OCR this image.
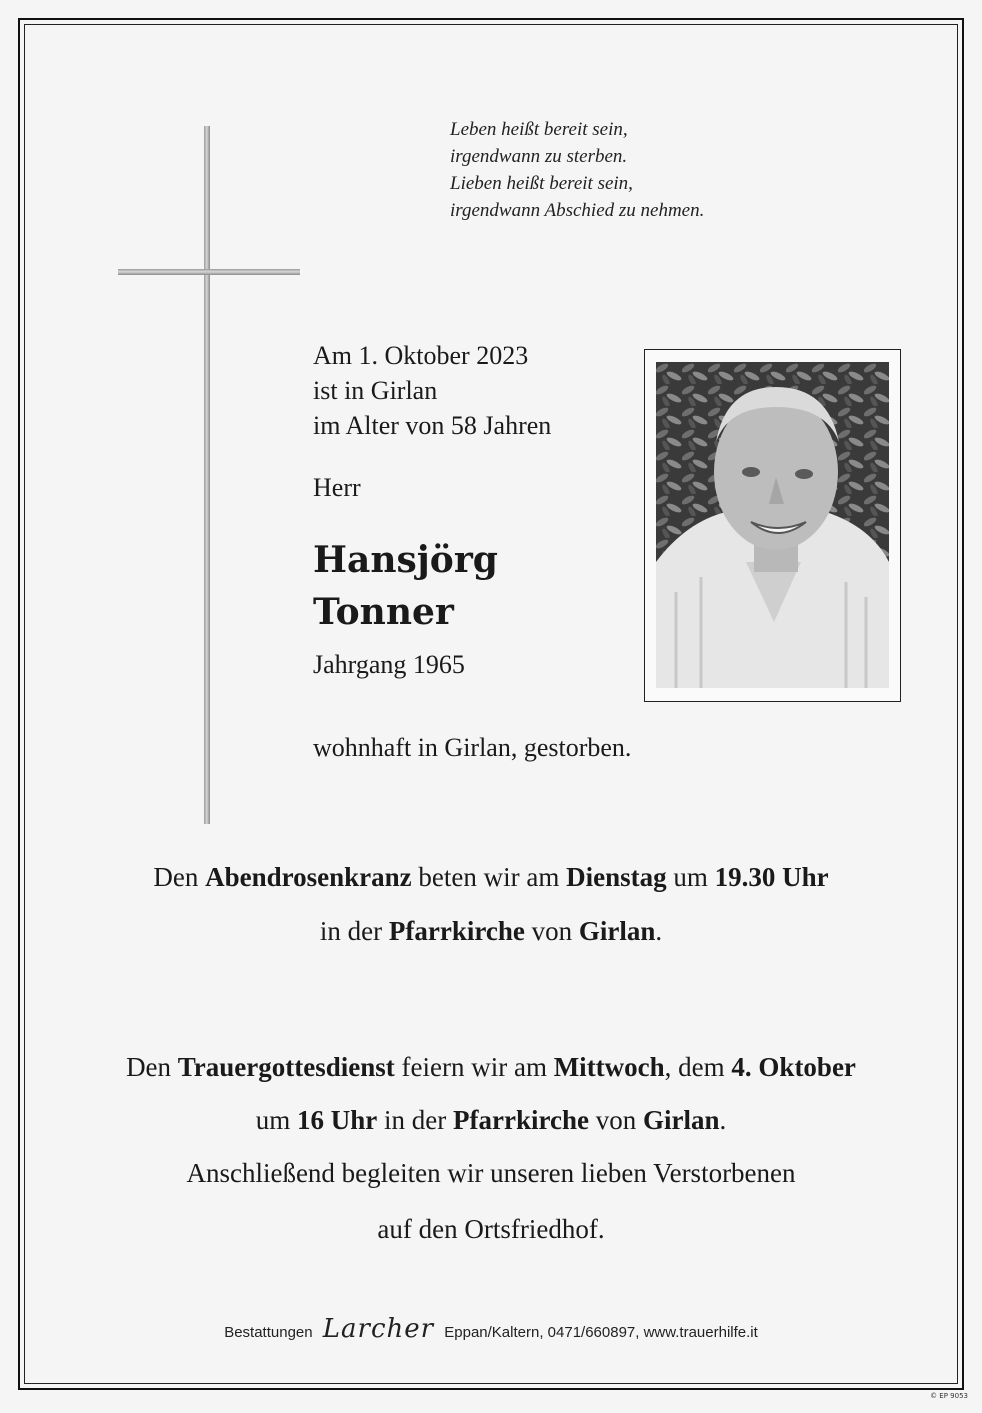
Leben heißt bereit sein,
irgendwann zu sterben.
Lieben heißt bereit sein,
irgendwann Abschied zu nehmen.
Am 1. Oktober 2023
ist in Girlan
im Alter von 58 Jahren
Herr
Hansjörg
Tonner
Jahrgang 1965
wohnhaft in Girlan, gestorben.
Den Abendrosenkranz beten wir am Dienstag um 19.30 Uhr
in der Pfarrkirche von Girlan.
Den Trauergottesdienst feiern wir am Mittwoch, dem 4. Oktober
um 16 Uhr in der Pfarrkirche von Girlan.
Anschließend begleiten wir unseren lieben Verstorbenen
auf den Ortsfriedhof.
Bestattungen Larcher Eppan/Kaltern, 0471/660897, www.trauerhilfe.it
© EP 9053
